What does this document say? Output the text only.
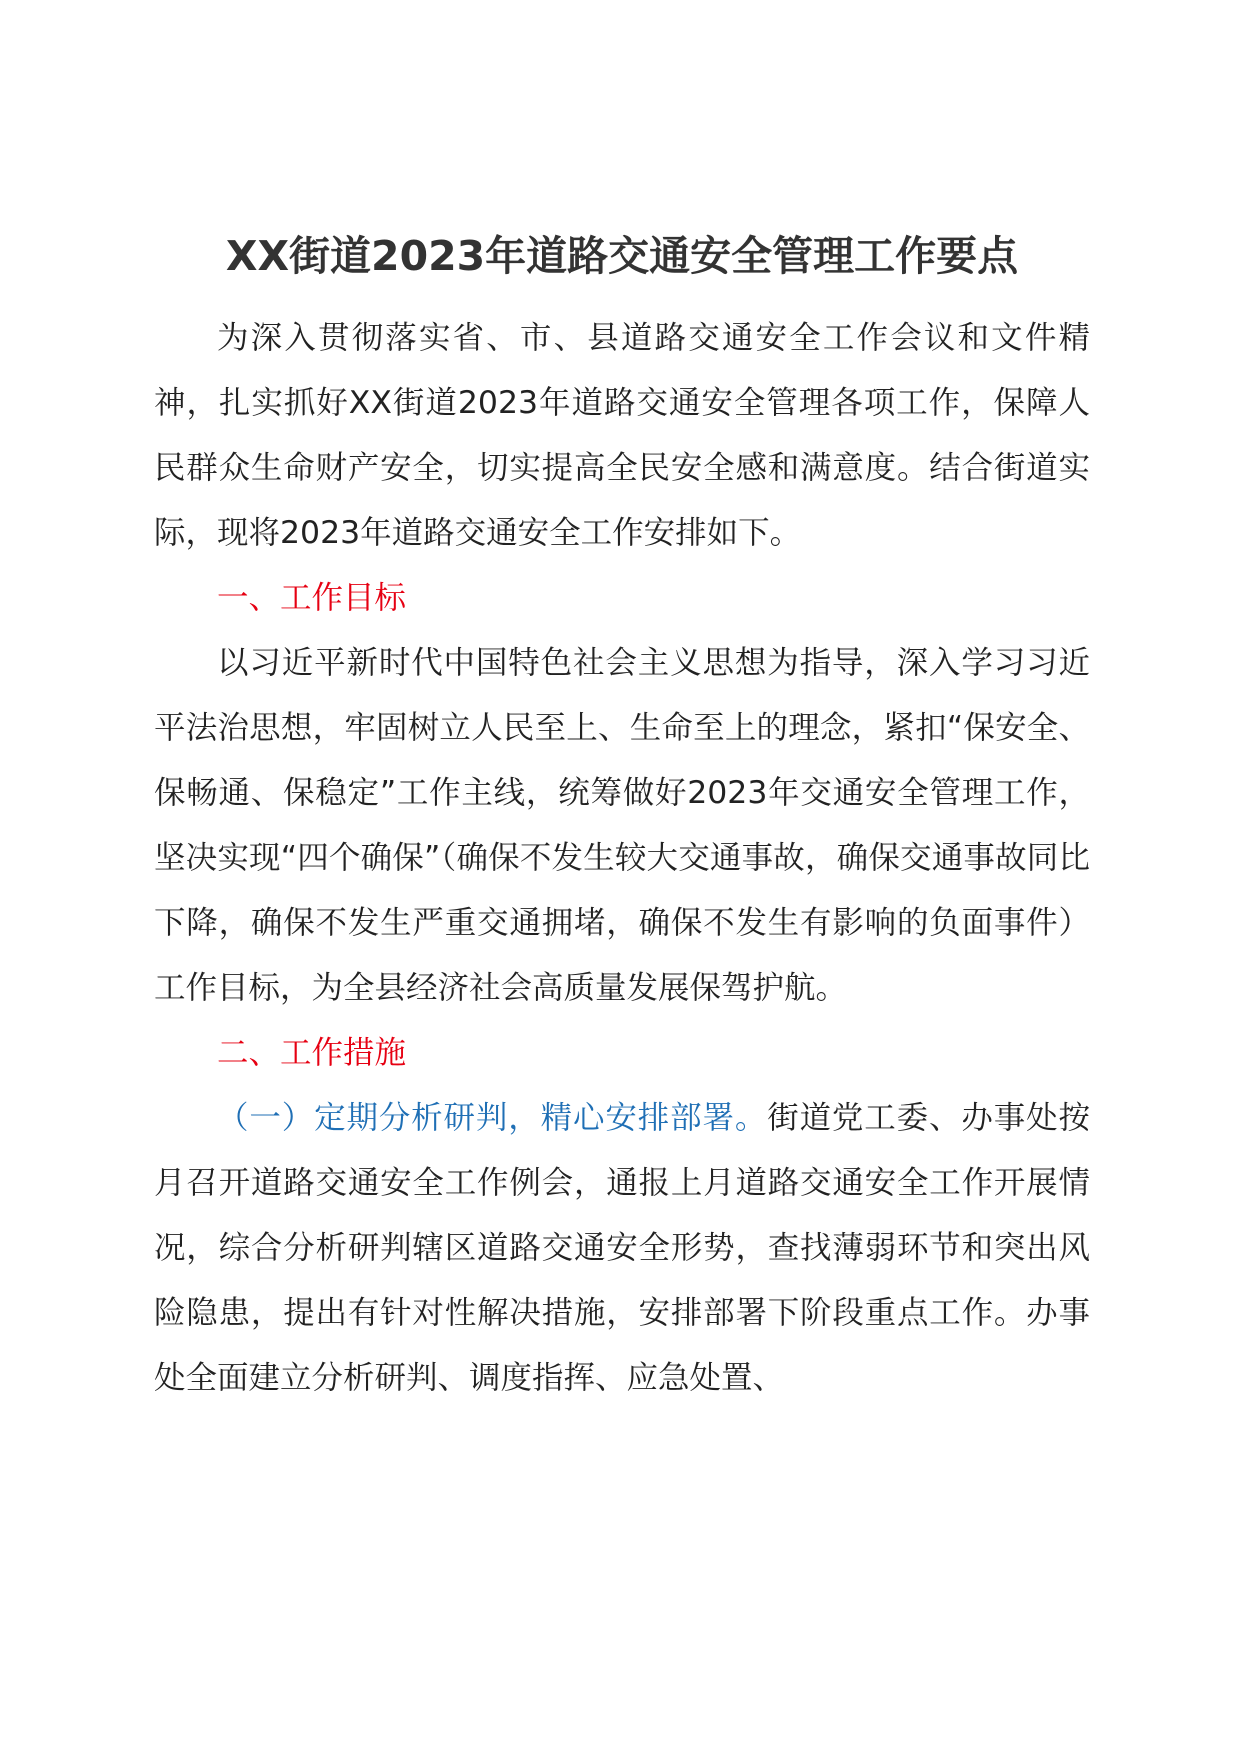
XX街道2023年道路交通安全管理工作要点

为深入贯彻落实省、市、县道路交通安全工作会议和文件精神，扎实抓好XX街道2023年道路交通安全管理各项工作，保障人民群众生命财产安全，切实提高全民安全感和满意度。结合街道实际，现将2023年道路交通安全工作安排如下。

一、工作目标

以习近平新时代中国特色社会主义思想为指导，深入学习习近平法治思想，牢固树立人民至上、生命至上的理念，紧扣“保安全、保畅通、保稳定”工作主线，统筹做好2023年交通安全管理工作，坚决实现“四个确保”（确保不发生较大交通事故，确保交通事故同比下降，确保不发生严重交通拥堵，确保不发生有影响的负面事件）工作目标，为全县经济社会高质量发展保驾护航。

二、工作措施

（一）定期分析研判，精心安排部署。街道党工委、办事处按月召开道路交通安全工作例会，通报上月道路交通安全工作开展情况，综合分析研判辖区道路交通安全形势，查找薄弱环节和突出风险隐患，提出有针对性解决措施，安排部署下阶段重点工作。办事处全面建立分析研判、调度指挥、应急处置、
